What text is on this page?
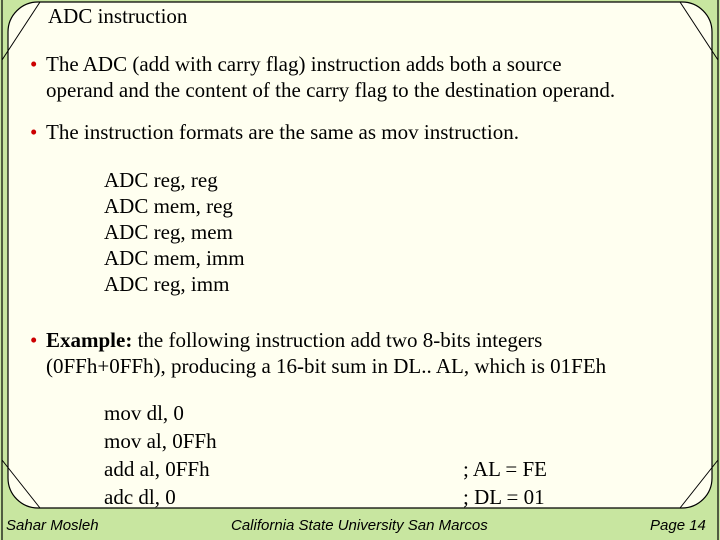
ADC instruction
• The ADC (add with carry flag) instruction adds both a source
operand and the content of the carry flag to the destination operand.
• The instruction formats are the same as mov instruction.
ADC reg, reg
ADC mem, reg
ADC reg, mem
ADC mem, imm
ADC reg, imm
• Example: the following instruction add two 8-bits integers
(0FFh+0FFh), producing a 16-bit sum in DL.. AL, which is 01FEh
mov dl, 0
mov al, 0FFh
add al, 0FFh
adc dl, 0
; AL = FE
; DL = 01
Sahar Mosleh	California State University San Marcos	Page 14
